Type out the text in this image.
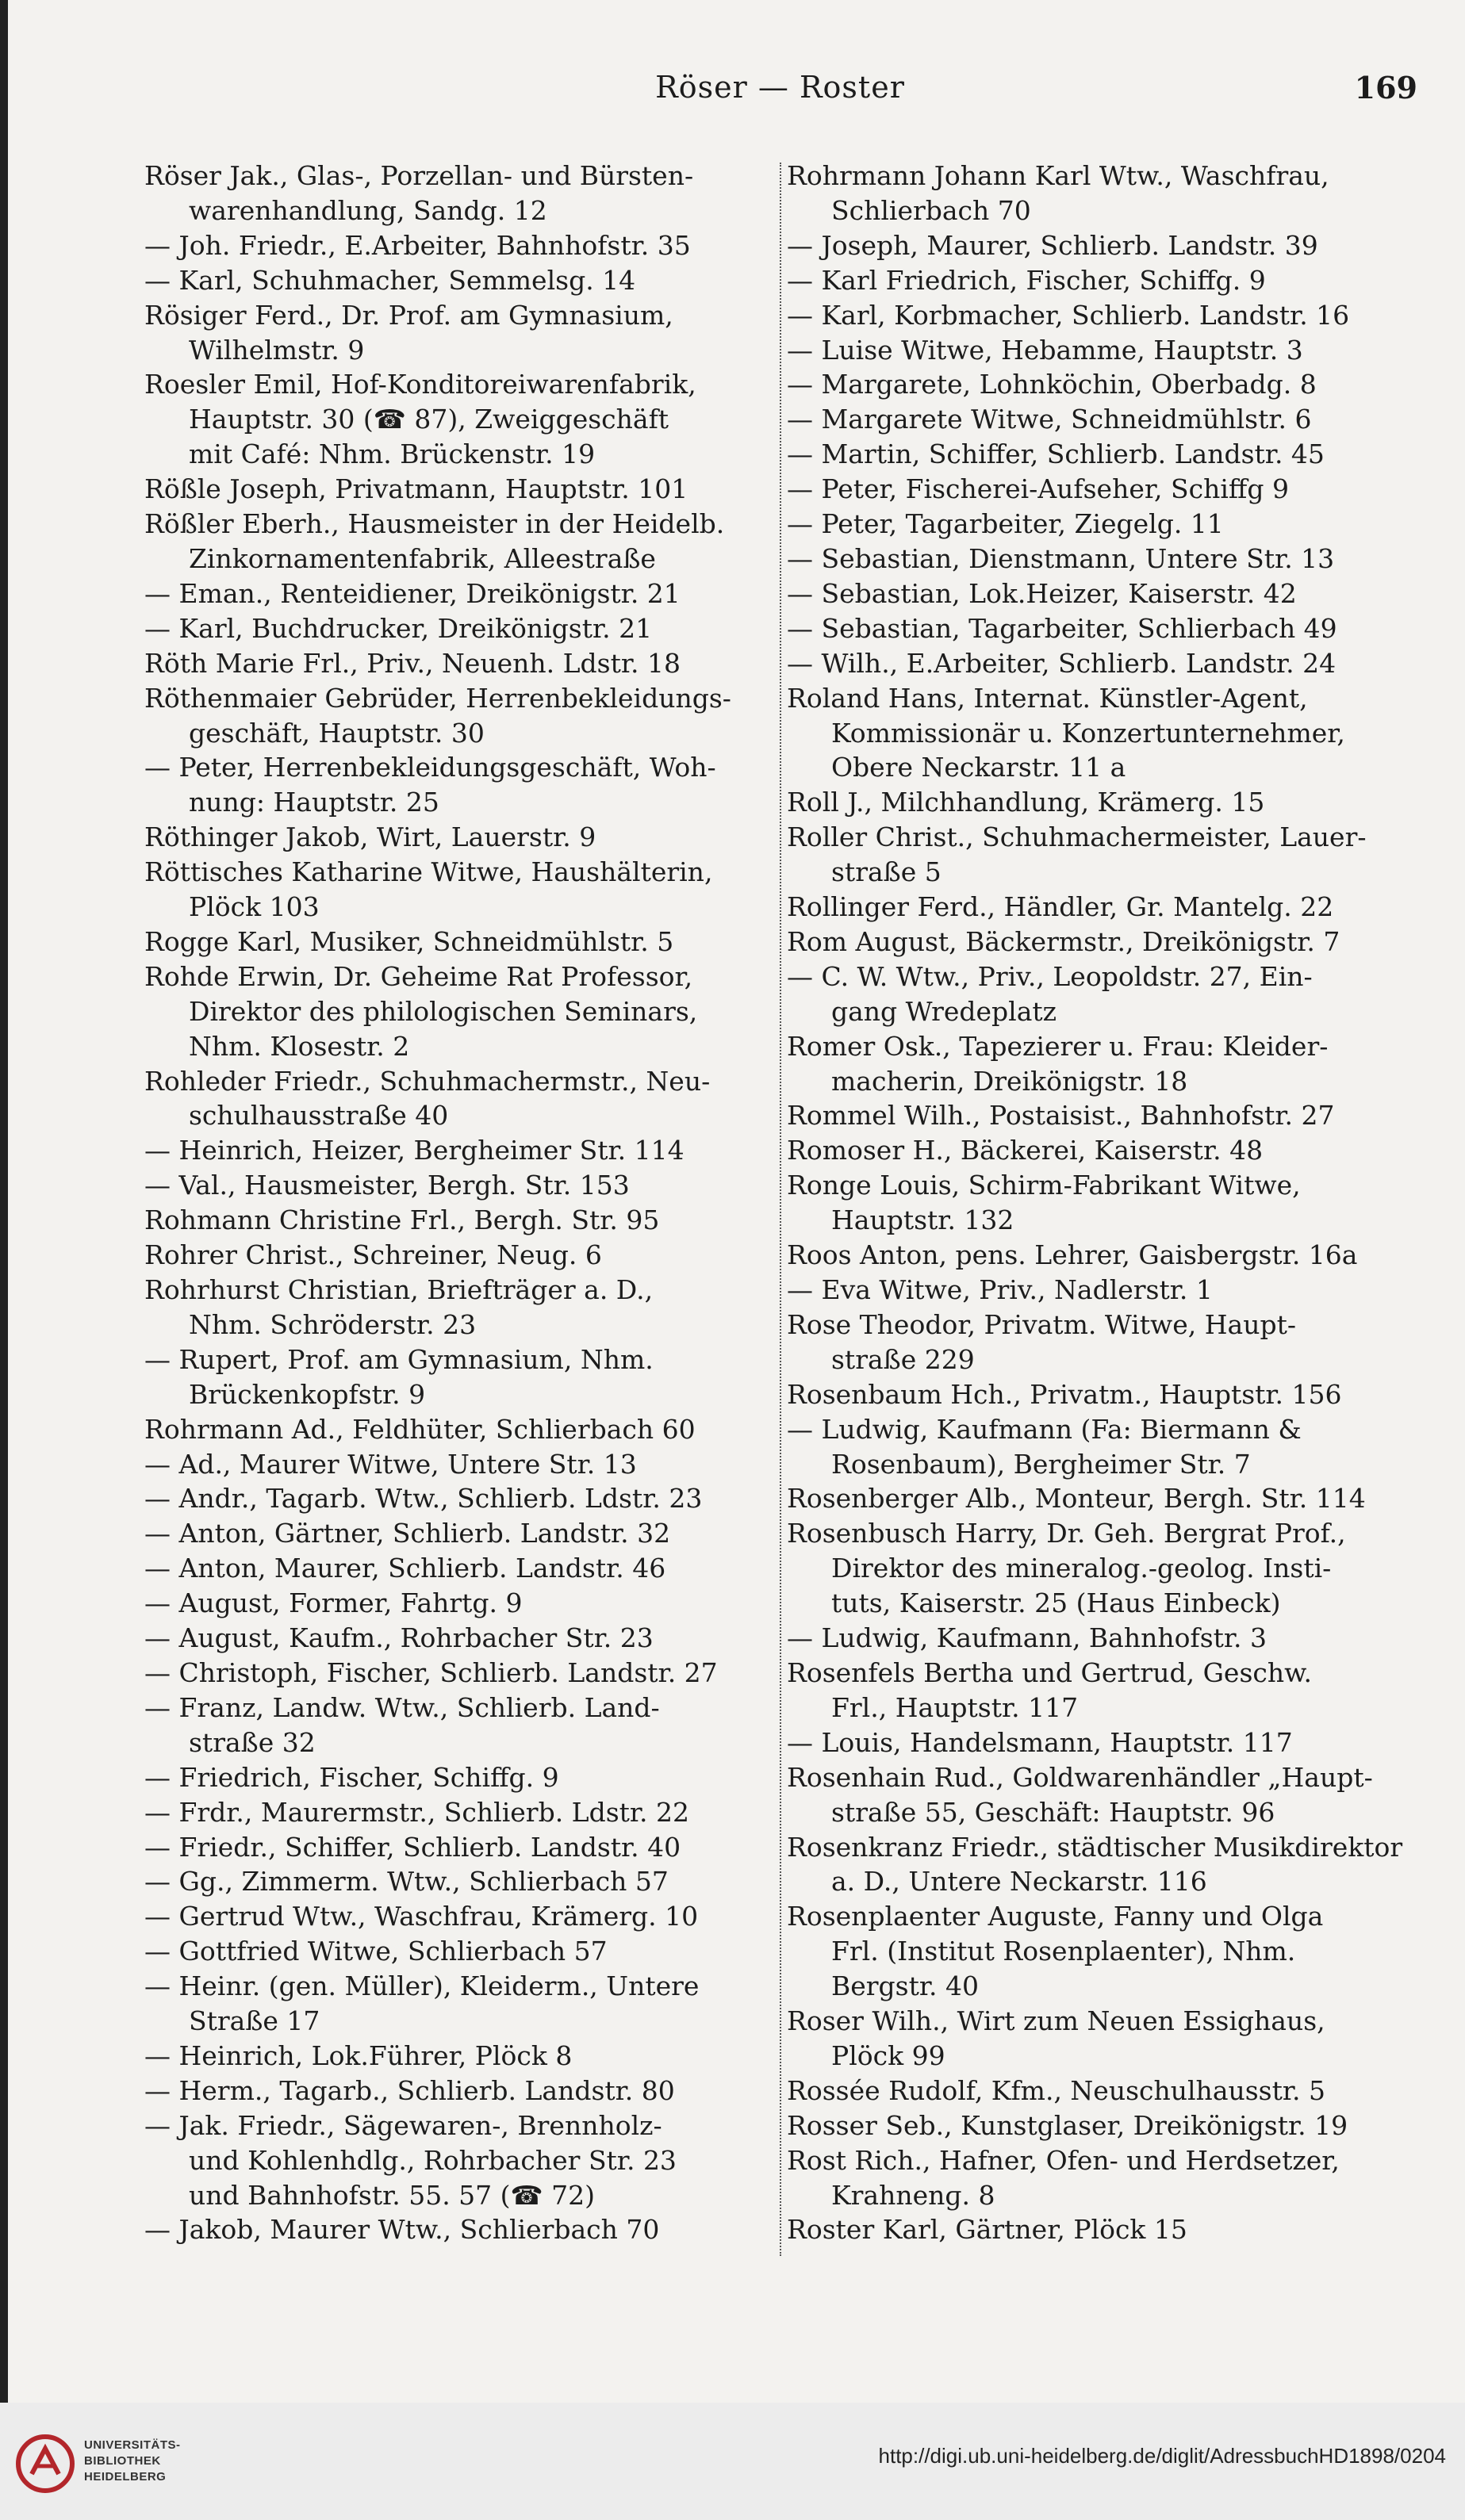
Röser — Roster	169
Röser Jak., Glas-, Porzellan- und Bürsten-
warenhandlung, Sandg. 12
— Joh. Friedr., E.Arbeiter, Bahnhofstr. 35
— Karl, Schuhmacher, Semmelsg. 14
Rösiger Ferd., Dr. Prof. am Gymnasium,
Wilhelmstr. 9
Roesler Emil, Hof-Konditoreiwarenfabrik,
Hauptstr. 30 (☎ 87), Zweiggeschäft
mit Café: Nhm. Brückenstr. 19
Rößle Joseph, Privatmann, Hauptstr. 101
Rößler Eberh., Hausmeister in der Heidelb.
Zinkornamentenfabrik, Alleestraße
— Eman., Renteidiener, Dreikönigstr. 21
— Karl, Buchdrucker, Dreikönigstr. 21
Röth Marie Frl., Priv., Neuenh. Ldstr. 18
Röthenmaier Gebrüder, Herrenbekleidungs-
geschäft, Hauptstr. 30
— Peter, Herrenbekleidungsgeschäft, Woh-
nung: Hauptstr. 25
Röthinger Jakob, Wirt, Lauerstr. 9
Röttisches Katharine Witwe, Haushälterin,
Plöck 103
Rogge Karl, Musiker, Schneidmühlstr. 5
Rohde Erwin, Dr. Geheime Rat Professor,
Direktor des philologischen Seminars,
Nhm. Klosestr. 2
Rohleder Friedr., Schuhmachermstr., Neu-
schulhausstraße 40
— Heinrich, Heizer, Bergheimer Str. 114
— Val., Hausmeister, Bergh. Str. 153
Rohmann Christine Frl., Bergh. Str. 95
Rohrer Christ., Schreiner, Neug. 6
Rohrhurst Christian, Briefträger a. D.,
Nhm. Schröderstr. 23
— Rupert, Prof. am Gymnasium, Nhm.
Brückenkopfstr. 9
Rohrmann Ad., Feldhüter, Schlierbach 60
— Ad., Maurer Witwe, Untere Str. 13
— Andr., Tagarb. Wtw., Schlierb. Ldstr. 23
— Anton, Gärtner, Schlierb. Landstr. 32
— Anton, Maurer, Schlierb. Landstr. 46
— August, Former, Fahrtg. 9
— August, Kaufm., Rohrbacher Str. 23
— Christoph, Fischer, Schlierb. Landstr. 27
— Franz, Landw. Wtw., Schlierb. Land-
straße 32
— Friedrich, Fischer, Schiffg. 9
— Frdr., Maurermstr., Schlierb. Ldstr. 22
— Friedr., Schiffer, Schlierb. Landstr. 40
— Gg., Zimmerm. Wtw., Schlierbach 57
— Gertrud Wtw., Waschfrau, Krämerg. 10
— Gottfried Witwe, Schlierbach 57
— Heinr. (gen. Müller), Kleiderm., Untere
Straße 17
— Heinrich, Lok.Führer, Plöck 8
— Herm., Tagarb., Schlierb. Landstr. 80
— Jak. Friedr., Sägewaren-, Brennholz-
und Kohlenhdlg., Rohrbacher Str. 23
und Bahnhofstr. 55. 57 (☎ 72)
— Jakob, Maurer Wtw., Schlierbach 70
Rohrmann Johann Karl Wtw., Waschfrau,
Schlierbach 70
— Joseph, Maurer, Schlierb. Landstr. 39
— Karl Friedrich, Fischer, Schiffg. 9
— Karl, Korbmacher, Schlierb. Landstr. 16
— Luise Witwe, Hebamme, Hauptstr. 3
— Margarete, Lohnköchin, Oberbadg. 8
— Margarete Witwe, Schneidmühlstr. 6
— Martin, Schiffer, Schlierb. Landstr. 45
— Peter, Fischerei-Aufseher, Schiffg 9
— Peter, Tagarbeiter, Ziegelg. 11
— Sebastian, Dienstmann, Untere Str. 13
— Sebastian, Lok.Heizer, Kaiserstr. 42
— Sebastian, Tagarbeiter, Schlierbach 49
— Wilh., E.Arbeiter, Schlierb. Landstr. 24
Roland Hans, Internat. Künstler-Agent,
Kommissionär u. Konzertunternehmer,
Obere Neckarstr. 11 a
Roll J., Milchhandlung, Krämerg. 15
Roller Christ., Schuhmachermeister, Lauer-
straße 5
Rollinger Ferd., Händler, Gr. Mantelg. 22
Rom August, Bäckermstr., Dreikönigstr. 7
— C. W. Wtw., Priv., Leopoldstr. 27, Ein-
gang Wredeplatz
Romer Osk., Tapezierer u. Frau: Kleider-
macherin, Dreikönigstr. 18
Rommel Wilh., Postaisist., Bahnhofstr. 27
Romoser H., Bäckerei, Kaiserstr. 48
Ronge Louis, Schirm-Fabrikant Witwe,
Hauptstr. 132
Roos Anton, pens. Lehrer, Gaisbergstr. 16a
— Eva Witwe, Priv., Nadlerstr. 1
Rose Theodor, Privatm. Witwe, Haupt-
straße 229
Rosenbaum Hch., Privatm., Hauptstr. 156
— Ludwig, Kaufmann (Fa: Biermann &
Rosenbaum), Bergheimer Str. 7
Rosenberger Alb., Monteur, Bergh. Str. 114
Rosenbusch Harry, Dr. Geh. Bergrat Prof.,
Direktor des mineralog.-geolog. Insti-
tuts, Kaiserstr. 25 (Haus Einbeck)
— Ludwig, Kaufmann, Bahnhofstr. 3
Rosenfels Bertha und Gertrud, Geschw.
Frl., Hauptstr. 117
— Louis, Handelsmann, Hauptstr. 117
Rosenhain Rud., Goldwarenhändler „Haupt-
straße 55, Geschäft: Hauptstr. 96
Rosenkranz Friedr., städtischer Musikdirektor
a. D., Untere Neckarstr. 116
Rosenplaenter Auguste, Fanny und Olga
Frl. (Institut Rosenplaenter), Nhm.
Bergstr. 40
Roser Wilh., Wirt zum Neuen Essighaus,
Plöck 99
Rossée Rudolf, Kfm., Neuschulhausstr. 5
Rosser Seb., Kunstglaser, Dreikönigstr. 19
Rost Rich., Hafner, Ofen- und Herdsetzer,
Krahnenɡ. 8
Roster Karl, Gärtner, Plöck 15
UNIVERSITÄTS-
BIBLIOTHEK
HEIDELBERG
http://digi.ub.uni-heidelberg.de/diglit/AdressbuchHD1898/0204
